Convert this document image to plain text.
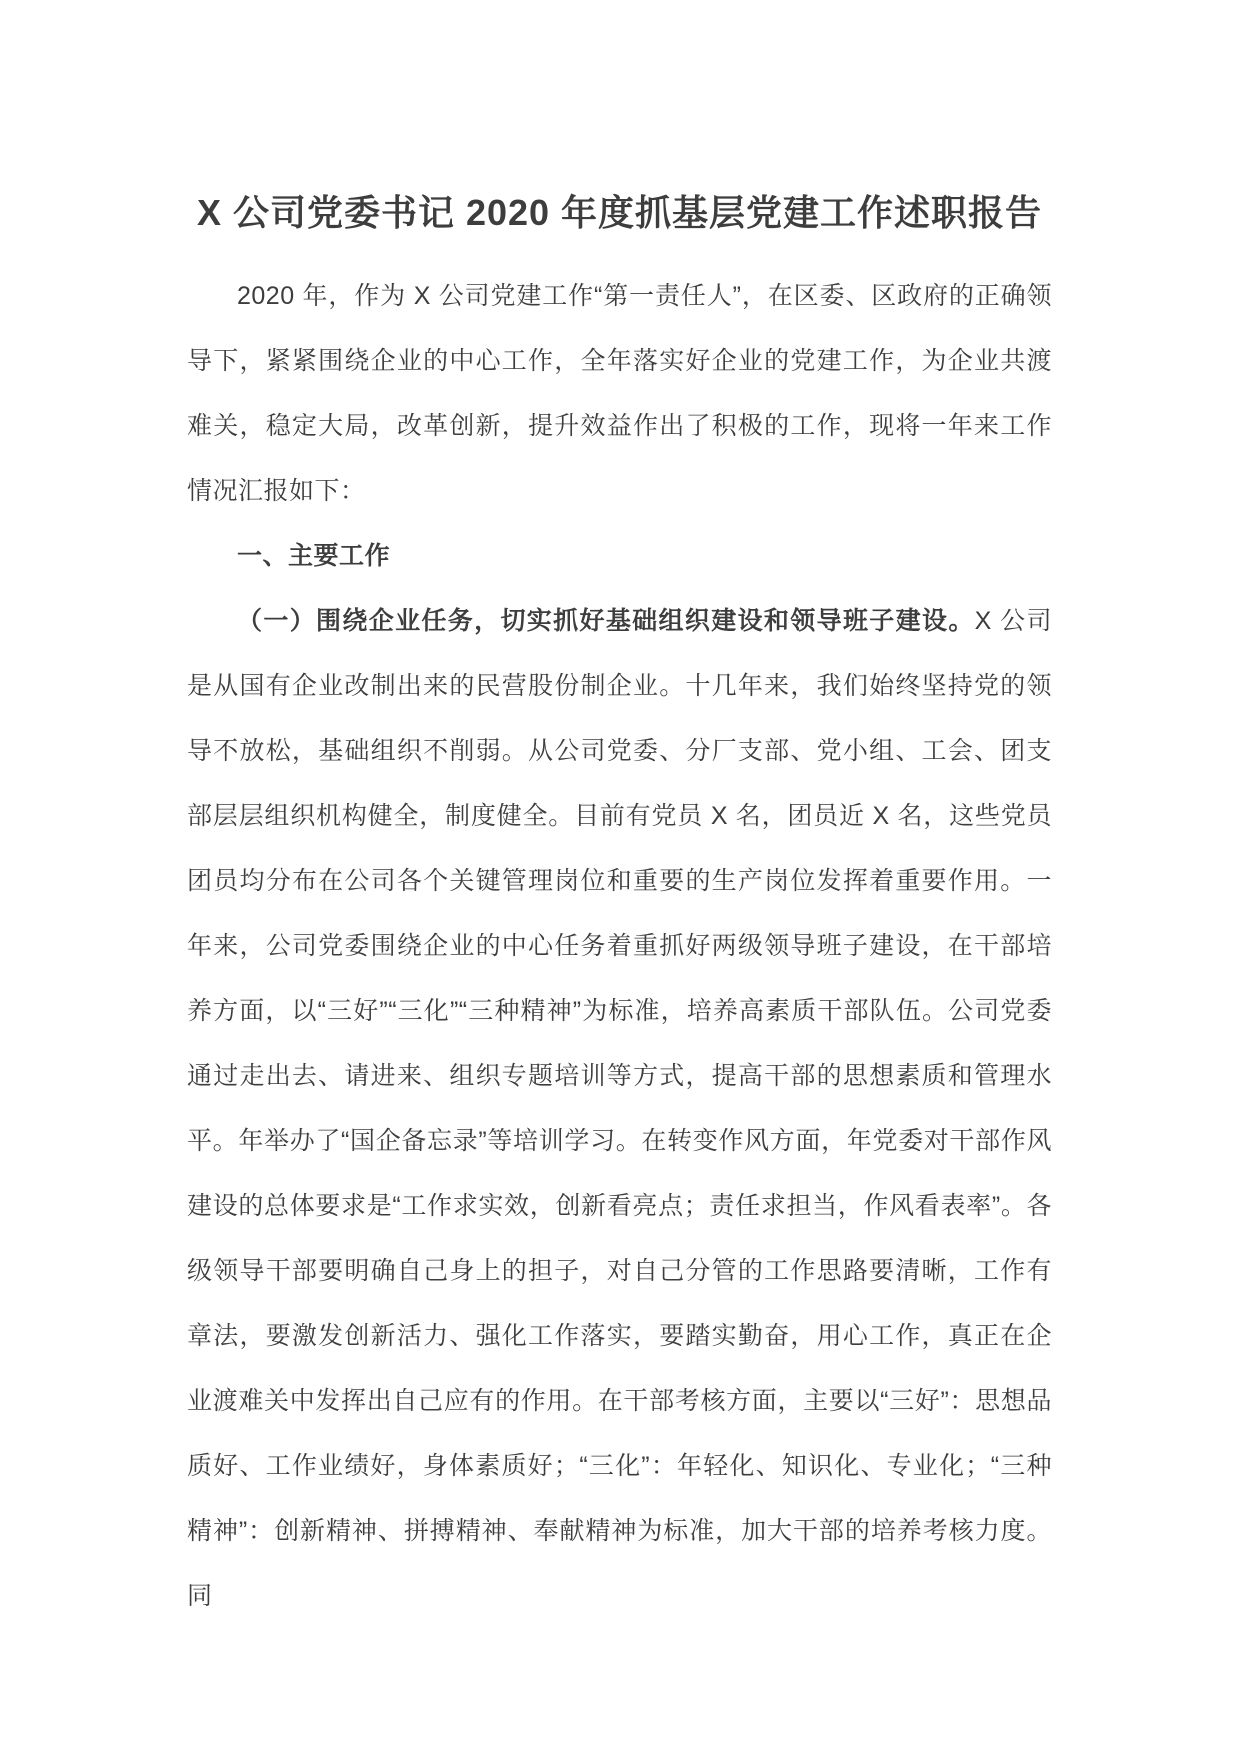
X 公司党委书记 2020 年度抓基层党建工作述职报告

2020 年，作为 X 公司党建工作“第一责任人”，在区委、区政府的正确领导下，紧紧围绕企业的中心工作，全年落实好企业的党建工作，为企业共渡难关，稳定大局，改革创新，提升效益作出了积极的工作，现将一年来工作情况汇报如下：

一、主要工作

（一）围绕企业任务，切实抓好基础组织建设和领导班子建设。X 公司是从国有企业改制出来的民营股份制企业。十几年来，我们始终坚持党的领导不放松，基础组织不削弱。从公司党委、分厂支部、党小组、工会、团支部层层组织机构健全，制度健全。目前有党员 X 名，团员近 X 名，这些党员团员均分布在公司各个关键管理岗位和重要的生产岗位发挥着重要作用。一年来，公司党委围绕企业的中心任务着重抓好两级领导班子建设，在干部培养方面，以“三好”“三化”“三种精神”为标准，培养高素质干部队伍。公司党委通过走出去、请进来、组织专题培训等方式，提高干部的思想素质和管理水平。年举办了“国企备忘录”等培训学习。在转变作风方面，年党委对干部作风建设的总体要求是“工作求实效，创新看亮点；责任求担当，作风看表率”。各级领导干部要明确自己身上的担子，对自己分管的工作思路要清晰，工作有章法，要激发创新活力、强化工作落实，要踏实勤奋，用心工作，真正在企业渡难关中发挥出自己应有的作用。在干部考核方面，主要以“三好”：思想品质好、工作业绩好，身体素质好；“三化”：年轻化、知识化、专业化；“三种精神”：创新精神、拼搏精神、奉献精神为标准，加大干部的培养考核力度。同
